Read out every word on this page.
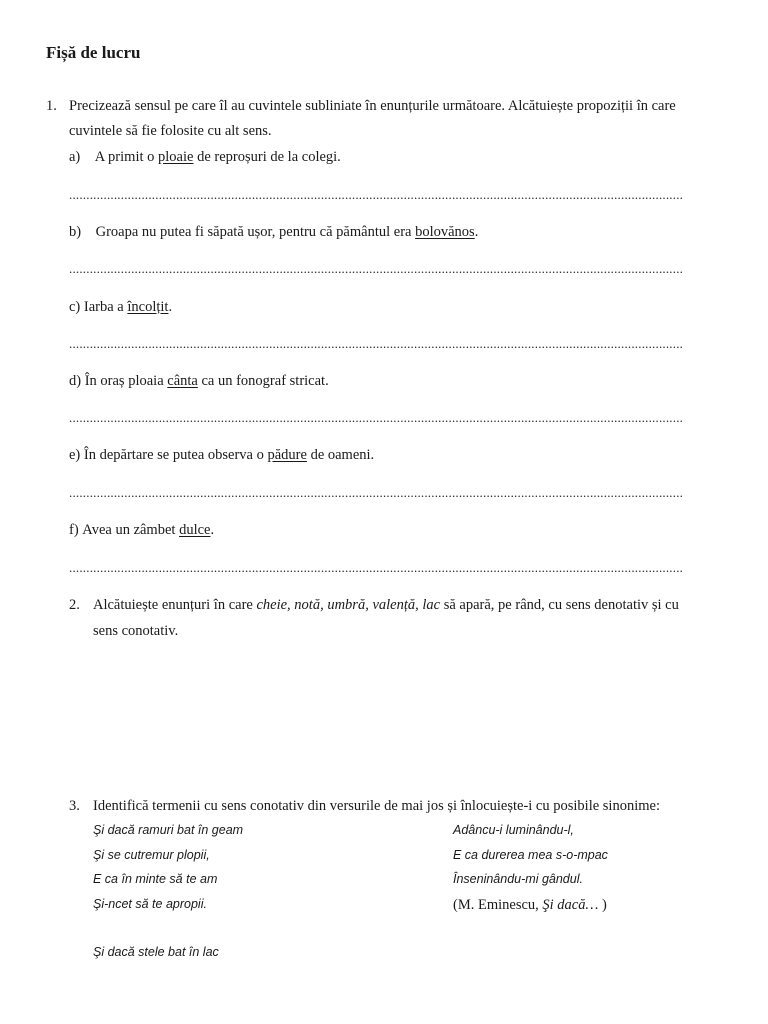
Fișă de lucru
1. Precizează sensul pe care îl au cuvintele subliniate în enunțurile următoare. Alcătuiește propoziții în care
cuvintele să fie folosite cu alt sens.
a) A primit o ploaie de reproșuri de la colegi.
..................................................................................................................................................................................
b) Groapa nu putea fi săpată ușor, pentru că pământul era bolovănos.
..................................................................................................................................................................................
c) Iarba a încolțit.
..................................................................................................................................................................................
d) În oraș ploaia cânta ca un fonograf stricat.
..................................................................................................................................................................................
e) În depărtare se putea observa o pădure de oameni.
..................................................................................................................................................................................
f) Avea un zâmbet dulce.
..................................................................................................................................................................................
2. Alcătuiește enunțuri în care cheie, notă, umbră, valență, lac să apară, pe rând, cu sens denotativ și cu
sens conotativ.
3. Identifică termenii cu sens conotativ din versurile de mai jos și înlocuiește-i cu posibile sinonime:
Şi dacă ramuri bat în geam
Şi se cutremur plopii,
E ca în minte să te am
Şi-ncet să te apropii.
Şi dacă stele bat în lac
Adâncu-i luminându-l,
E ca durerea mea s-o-mpac
Înseninându-mi gândul.
(M. Eminescu, Şi dacă… )
